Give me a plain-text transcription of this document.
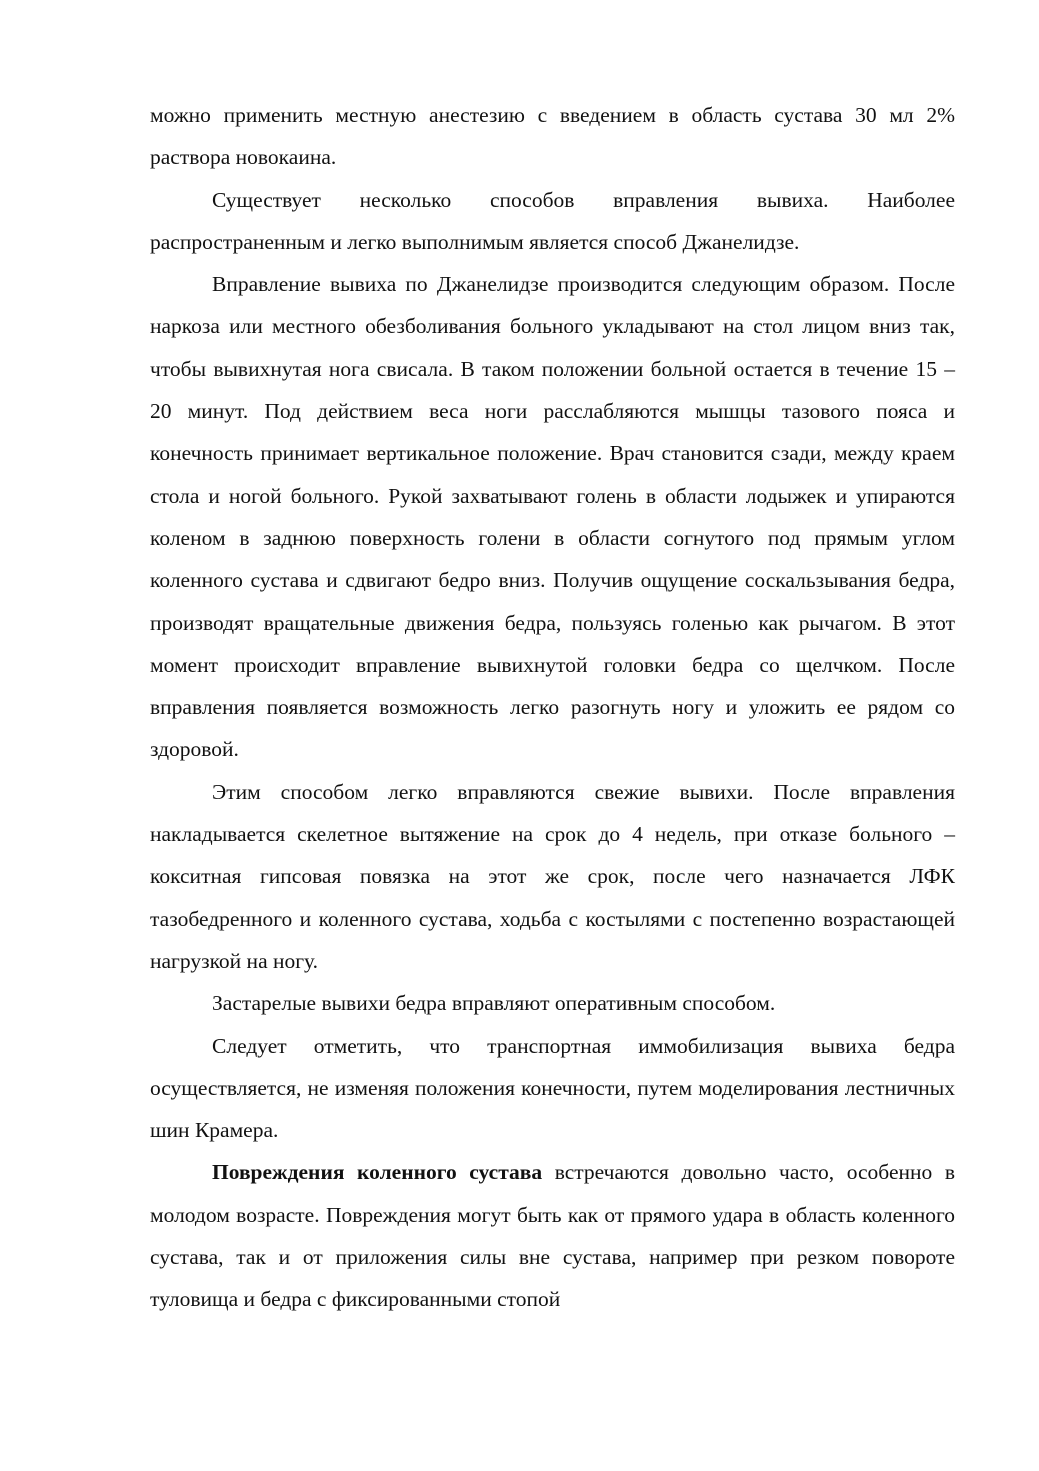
можно применить местную анестезию с введением в область сустава 30 мл 2% раствора новокаина.

Существует несколько способов вправления вывиха. Наиболее распространенным и легко выполнимым является способ Джанелидзе.

Вправление вывиха по Джанелидзе производится следующим образом. После наркоза или местного обезболивания больного укладывают на стол лицом вниз так, чтобы вывихнутая нога свисала. В таком положении больной остается в течение 15 – 20 минут. Под действием веса ноги расслабляются мышцы тазового пояса и конечность принимает вертикальное положение. Врач становится сзади, между краем стола и ногой больного. Рукой захватывают голень в области лодыжек и упираются коленом в заднюю поверхность голени в области согнутого под прямым углом коленного сустава и сдвигают бедро вниз. Получив ощущение соскальзывания бедра, производят вращательные движения бедра, пользуясь голенью как рычагом. В этот момент происходит вправление вывихнутой головки бедра со щелчком. После вправления появляется возможность легко разогнуть ногу и уложить ее рядом со здоровой.

Этим способом легко вправляются свежие вывихи. После вправления накладывается скелетное вытяжение на срок до 4 недель, при отказе больного – кокситная гипсовая повязка на этот же срок, после чего назначается ЛФК тазобедренного и коленного сустава, ходьба с костылями с постепенно возрастающей нагрузкой на ногу.

Застарелые вывихи бедра вправляют оперативным способом.

Следует отметить, что транспортная иммобилизация вывиха бедра осуществляется, не изменяя положения конечности, путем моделирования лестничных шин Крамера.

Повреждения коленного сустава встречаются довольно часто, особенно в молодом возрасте. Повреждения могут быть как от прямого удара в область коленного сустава, так и от приложения силы вне сустава, например при резком повороте туловища и бедра с фиксированными стопой
